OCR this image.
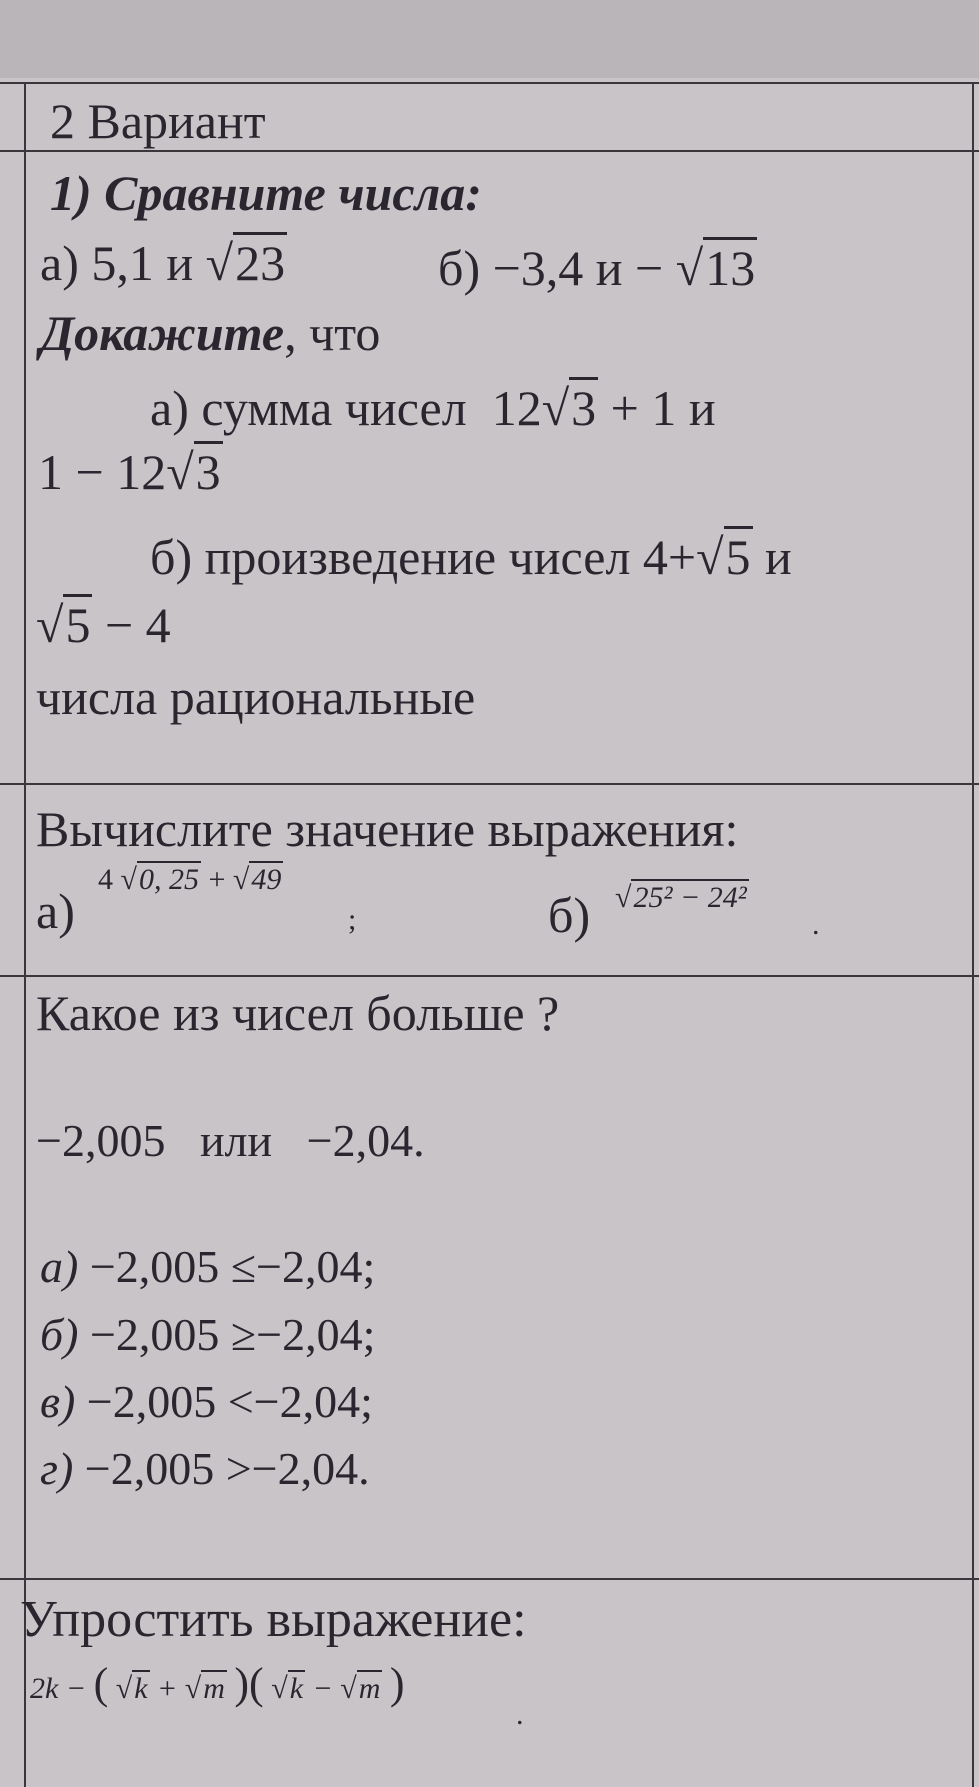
2 Вариант
1) Сравните числа:
а) 5,1 и √23	б) −3,4 и − √13
Докажите, что
а) сумма чисел 12√3 + 1 и
1 − 12√3
б) произведение чисел 4+√5 и
√5 − 4
числа рациональные
Вычислите значение выражения:
а)
4 √0, 25 + √49
;	б) √25² − 24²
.
Какое из чисел больше ?
−2,005   или   −2,04.
а) −2,005 ≤−2,04;
б) −2,005 ≥−2,04;
в) −2,005 <−2,04;
г) −2,005 >−2,04.
Упростить выражение:
2k − ( √k + √m )( √k − √m )
.
